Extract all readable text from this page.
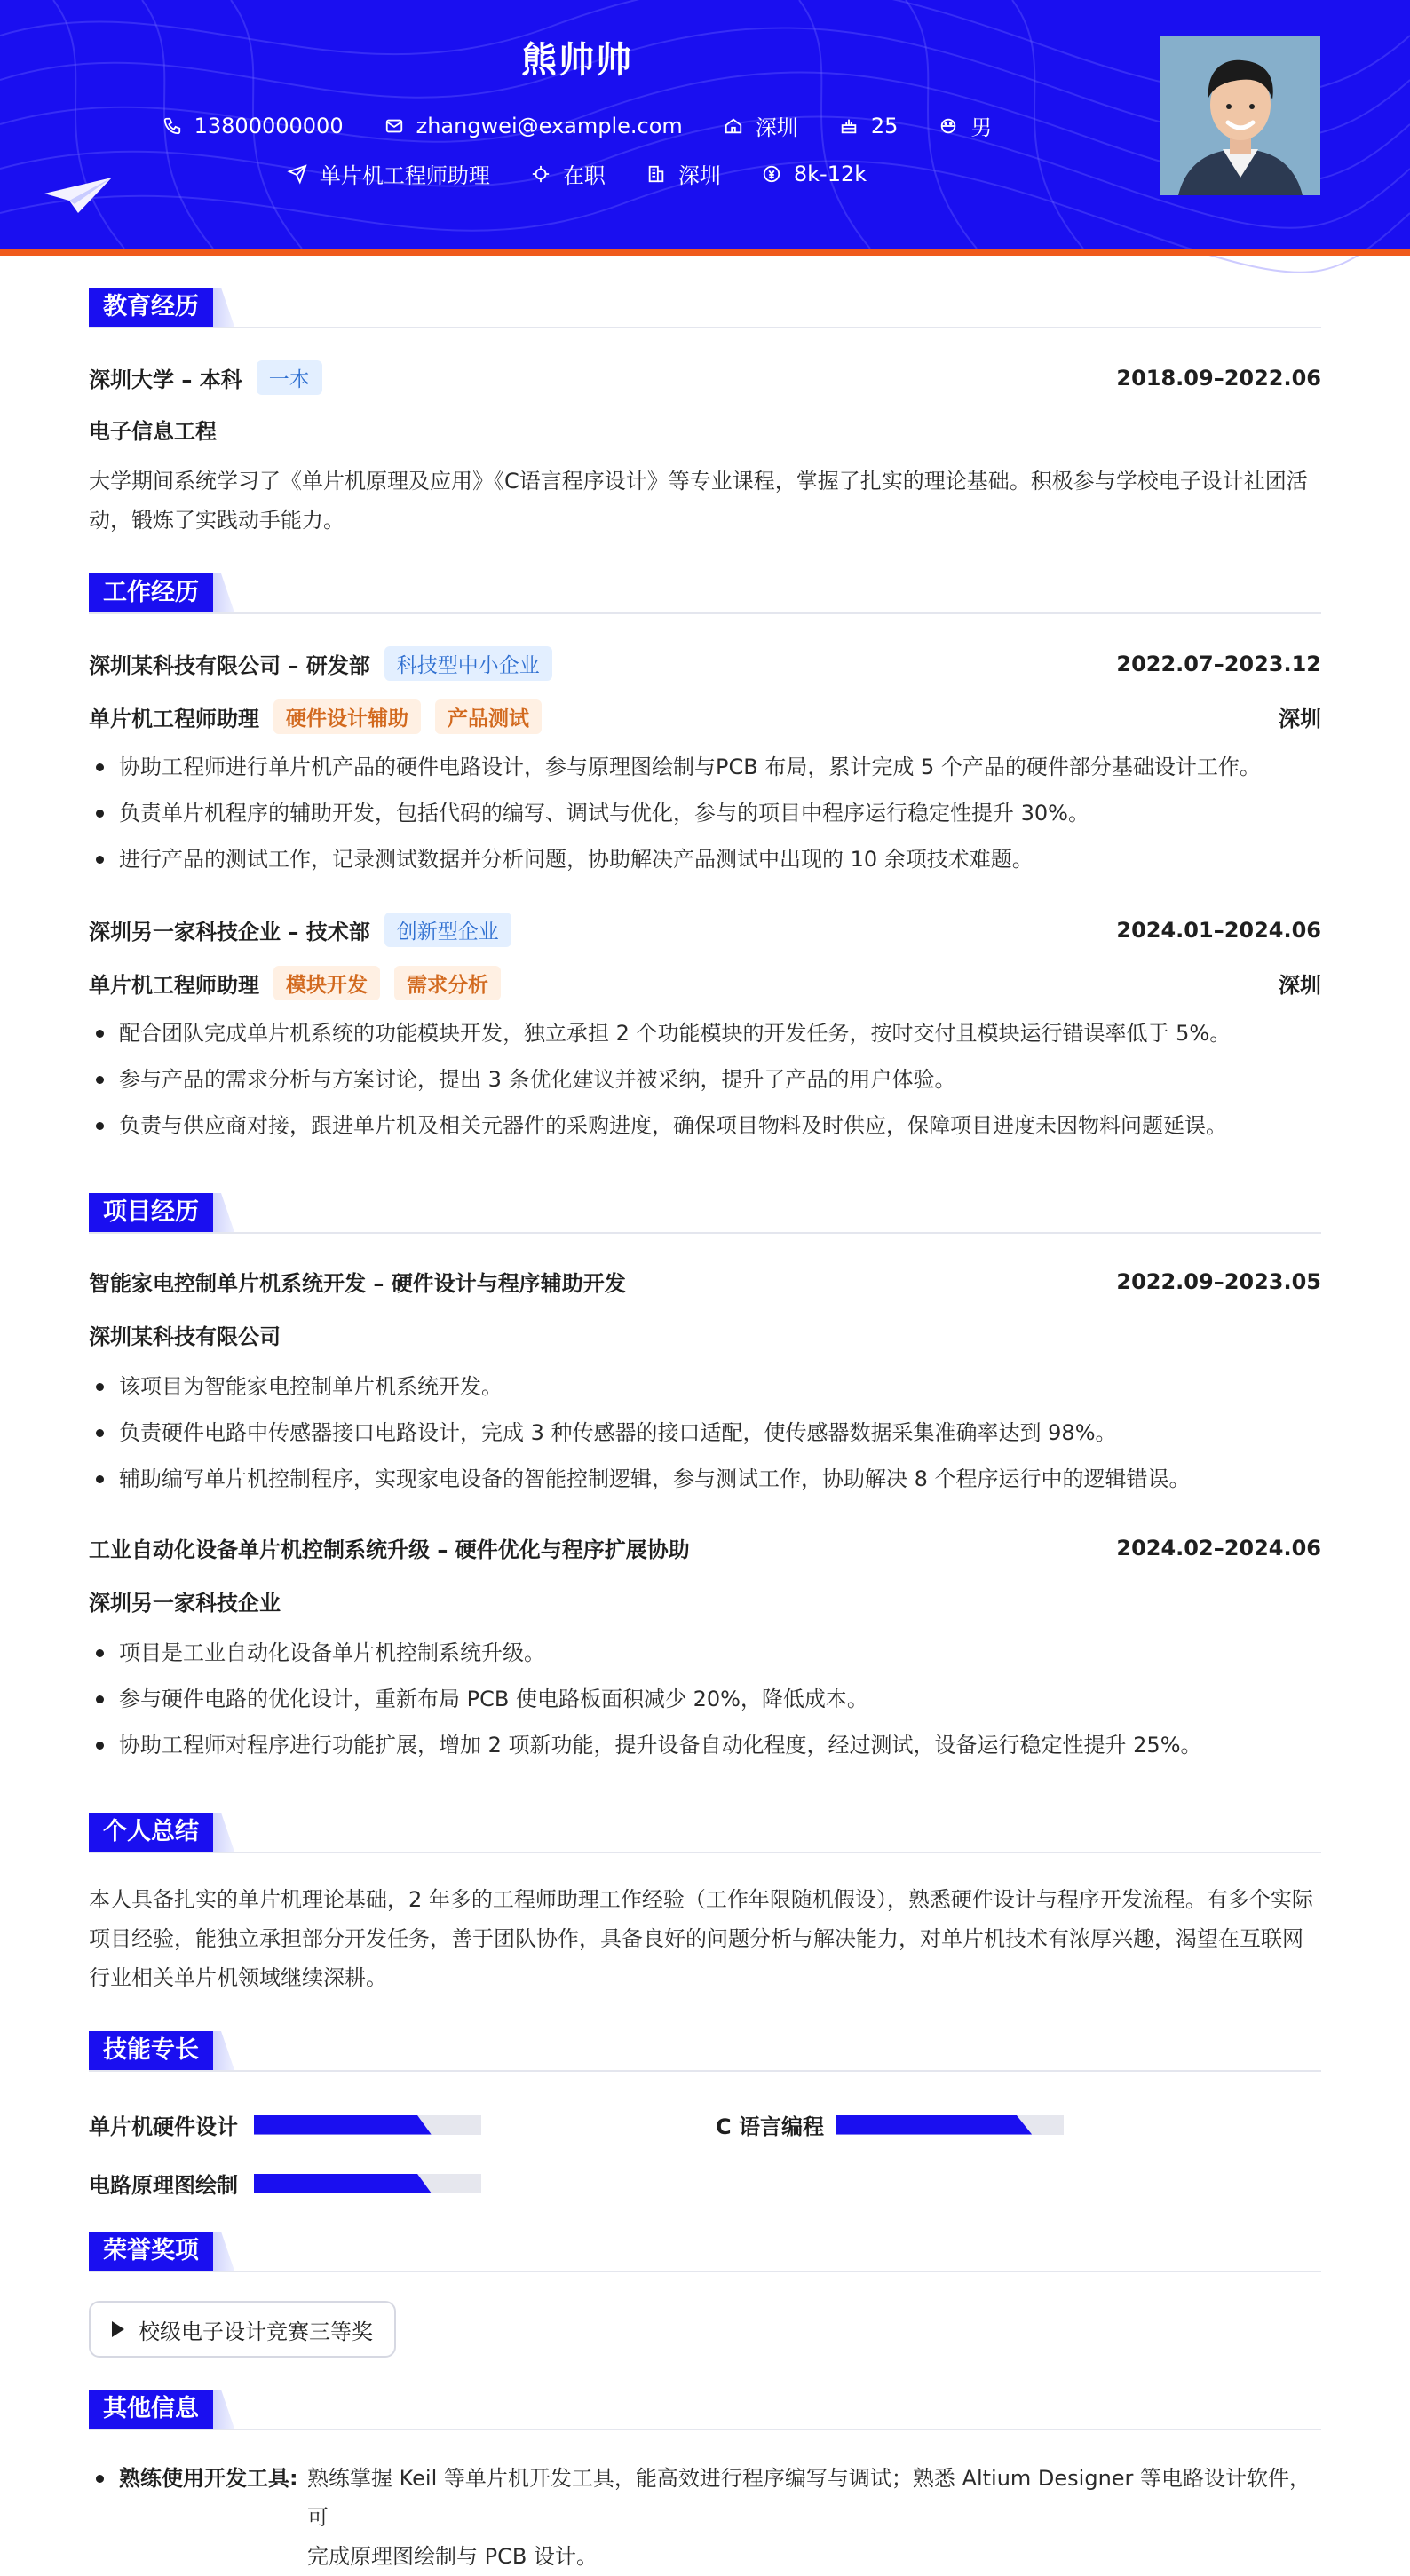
熊帅帅
13800000000	zhangwei@example.com	深圳	25	男
单片机工程师助理	在职	深圳	8k-12k
教育经历
深圳大学 – 本科	一本	2018.09–2022.06
电子信息工程
大学期间系统学习了《单片机原理及应用》《C语言程序设计》等专业课程，掌握了扎实的理论基础。积极参与学校电子设计社团活动，锻炼了实践动手能力。
工作经历
深圳某科技有限公司 – 研发部	科技型中小企业	2022.07–2023.12
单片机工程师助理	硬件设计辅助	产品测试	深圳
协助工程师进行单片机产品的硬件电路设计，参与原理图绘制与PCB 布局，累计完成 5 个产品的硬件部分基础设计工作。
负责单片机程序的辅助开发，包括代码的编写、调试与优化，参与的项目中程序运行稳定性提升 30%。
进行产品的测试工作，记录测试数据并分析问题，协助解决产品测试中出现的 10 余项技术难题。
深圳另一家科技企业 – 技术部	创新型企业	2024.01–2024.06
单片机工程师助理	模块开发	需求分析	深圳
配合团队完成单片机系统的功能模块开发，独立承担 2 个功能模块的开发任务，按时交付且模块运行错误率低于 5%。
参与产品的需求分析与方案讨论，提出 3 条优化建议并被采纳，提升了产品的用户体验。
负责与供应商对接，跟进单片机及相关元器件的采购进度，确保项目物料及时供应，保障项目进度未因物料问题延误。
项目经历
智能家电控制单片机系统开发 – 硬件设计与程序辅助开发	2022.09–2023.05
深圳某科技有限公司
该项目为智能家电控制单片机系统开发。
负责硬件电路中传感器接口电路设计，完成 3 种传感器的接口适配，使传感器数据采集准确率达到 98%。
辅助编写单片机控制程序，实现家电设备的智能控制逻辑，参与测试工作，协助解决 8 个程序运行中的逻辑错误。
工业自动化设备单片机控制系统升级 – 硬件优化与程序扩展协助	2024.02–2024.06
深圳另一家科技企业
项目是工业自动化设备单片机控制系统升级。
参与硬件电路的优化设计，重新布局 PCB 使电路板面积减少 20%，降低成本。
协助工程师对程序进行功能扩展，增加 2 项新功能，提升设备自动化程度，经过测试，设备运行稳定性提升 25%。
个人总结
本人具备扎实的单片机理论基础，2 年多的工程师助理工作经验（工作年限随机假设），熟悉硬件设计与程序开发流程。有多个实际
项目经验，能独立承担部分开发任务，善于团队协作，具备良好的问题分析与解决能力，对单片机技术有浓厚兴趣，渴望在互联网
行业相关单片机领域继续深耕。
技能专长
单片机硬件设计	C 语言编程
电路原理图绘制
荣誉奖项
校级电子设计竞赛三等奖
其他信息
熟练使用开发工具: 熟练掌握 Keil 等单片机开发工具，能高效进行程序编写与调试；熟悉 Altium Designer 等电路设计软件，可
完成原理图绘制与 PCB 设计。
